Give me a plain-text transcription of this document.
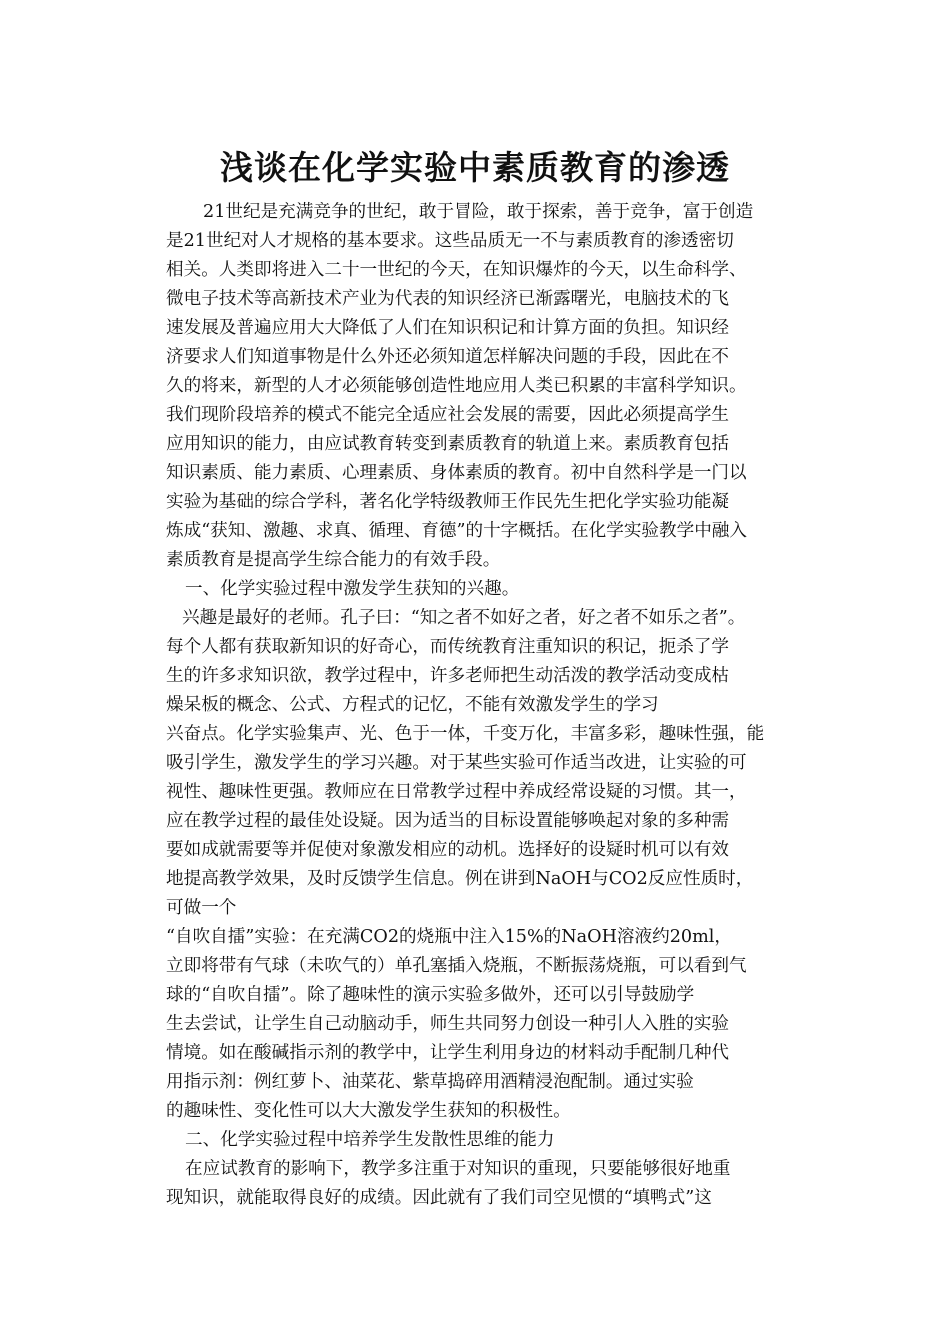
浅谈在化学实验中素质教育的渗透
21世纪是充满竞争的世纪，敢于冒险，敢于探索，善于竞争，富于创造
是21世纪对人才规格的基本要求。这些品质无一不与素质教育的渗透密切
相关。人类即将进入二十一世纪的今天，在知识爆炸的今天，以生命科学、
微电子技术等高新技术产业为代表的知识经济已渐露曙光，电脑技术的飞
速发展及普遍应用大大降低了人们在知识积记和计算方面的负担。知识经
济要求人们知道事物是什么外还必须知道怎样解决问题的手段，因此在不
久的将来，新型的人才必须能够创造性地应用人类已积累的丰富科学知识。
我们现阶段培养的模式不能完全适应社会发展的需要，因此必须提高学生
应用知识的能力，由应试教育转变到素质教育的轨道上来。素质教育包括
知识素质、能力素质、心理素质、身体素质的教育。初中自然科学是一门以
实验为基础的综合学科，著名化学特级教师王作民先生把化学实验功能凝
炼成“获知、激趣、求真、循理、育德”的十字概括。在化学实验教学中融入
素质教育是提高学生综合能力的有效手段。
一、化学实验过程中激发学生获知的兴趣。
兴趣是最好的老师。孔子曰：“知之者不如好之者，好之者不如乐之者”。
每个人都有获取新知识的好奇心，而传统教育注重知识的积记，扼杀了学
生的许多求知识欲，教学过程中，许多老师把生动活泼的教学活动变成枯
燥呆板的概念、公式、方程式的记忆，不能有效激发学生的学习
兴奋点。化学实验集声、光、色于一体，千变万化，丰富多彩，趣味性强，能
吸引学生，激发学生的学习兴趣。对于某些实验可作适当改进，让实验的可
视性、趣味性更强。教师应在日常教学过程中养成经常设疑的习惯。其一，
应在教学过程的最佳处设疑。因为适当的目标设置能够唤起对象的多种需
要如成就需要等并促使对象激发相应的动机。选择好的设疑时机可以有效
地提高教学效果，及时反馈学生信息。例在讲到NaOH与CO2反应性质时，
可做一个
“自吹自擂”实验：在充满CO2的烧瓶中注入15%的NaOH溶液约20ml，
立即将带有气球（未吹气的）单孔塞插入烧瓶，不断振荡烧瓶，可以看到气
球的“自吹自擂”。除了趣味性的演示实验多做外，还可以引导鼓励学
生去尝试，让学生自己动脑动手，师生共同努力创设一种引人入胜的实验
情境。如在酸碱指示剂的教学中，让学生利用身边的材料动手配制几种代
用指示剂：例红萝卜、油菜花、紫草捣碎用酒精浸泡配制。通过实验
的趣味性、变化性可以大大激发学生获知的积极性。
二、化学实验过程中培养学生发散性思维的能力
在应试教育的影响下，教学多注重于对知识的重现，只要能够很好地重
现知识，就能取得良好的成绩。因此就有了我们司空见惯的“填鸭式”这
